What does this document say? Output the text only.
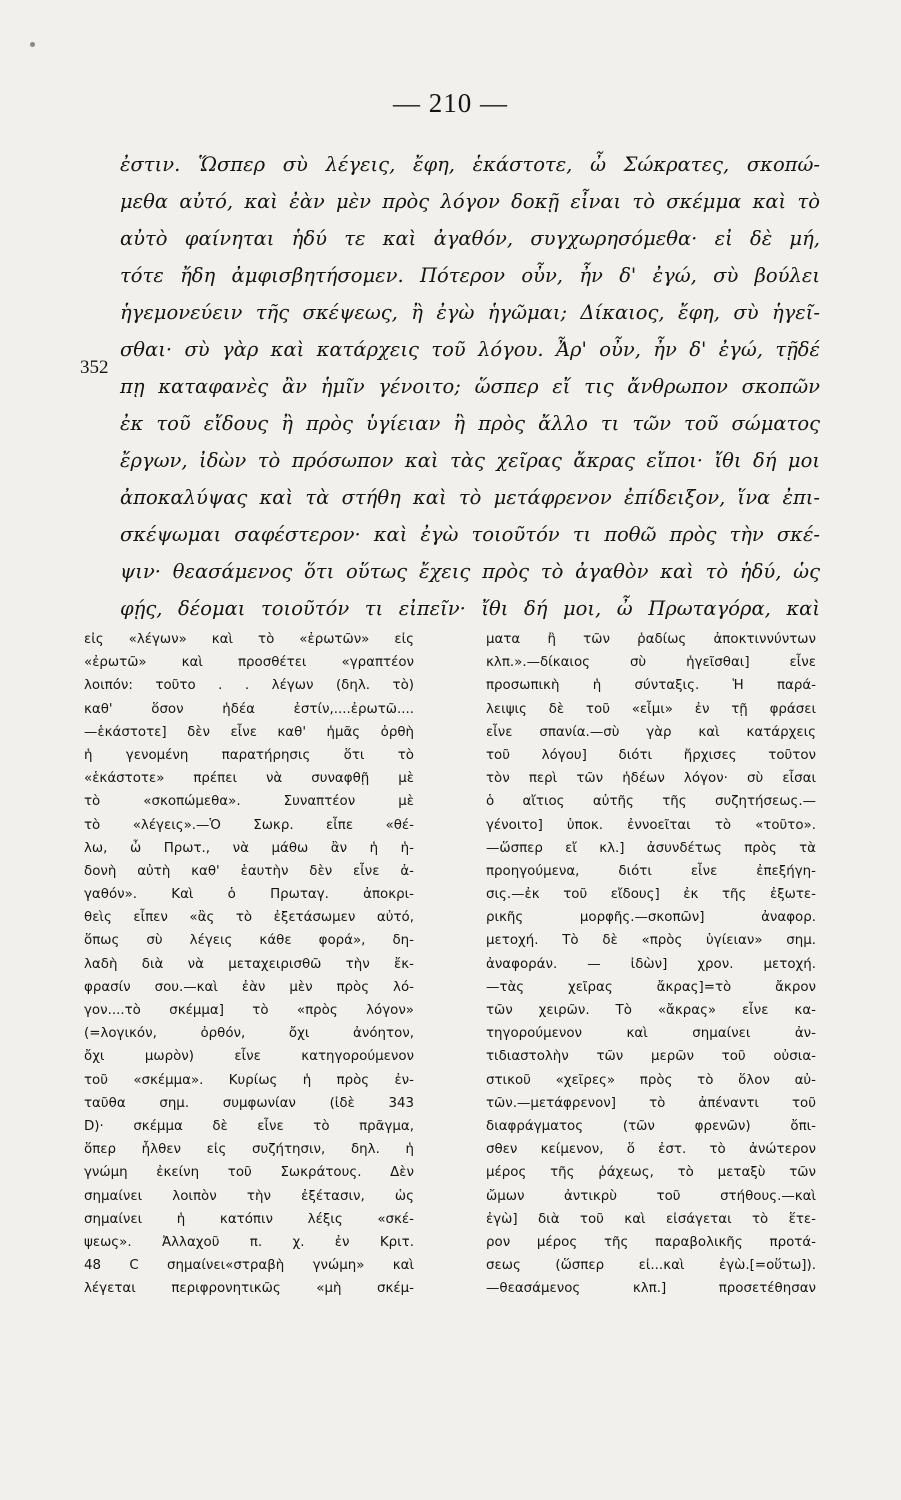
— 210 —
352
ἐστιν. Ὥσπερ σὺ λέγεις, ἔφη, ἑκάστοτε, ὦ Σώκρατες, σκοπώ-
μεθα αὐτό, καὶ ἐὰν μὲν πρὸς λόγον δοκῇ εἶναι τὸ σκέμμα καὶ τὸ
αὐτὸ φαίνηται ἡδύ τε καὶ ἀγαθόν, συγχωρησόμεθα· εἰ δὲ μή,
τότε ἤδη ἀμφισβητήσομεν. Πότερον οὖν, ἦν δ' ἐγώ, σὺ βούλει
ἡγεμονεύειν τῆς σκέψεως, ἢ ἐγὼ ἡγῶμαι; Δίκαιος, ἔφη, σὺ ἡγεῖ-
σθαι· σὺ γὰρ καὶ κατάρχεις τοῦ λόγου. Ἆρ' οὖν, ἦν δ' ἐγώ, τῇδέ
πῃ καταφανὲς ἂν ἡμῖν γένοιτο; ὥσπερ εἴ τις ἄνθρωπον σκοπῶν
ἐκ τοῦ εἴδους ἢ πρὸς ὑγίειαν ἢ πρὸς ἄλλο τι τῶν τοῦ σώματος
ἔργων, ἰδὼν τὸ πρόσωπον καὶ τὰς χεῖρας ἄκρας εἴποι· ἴθι δή μοι
ἀποκαλύψας καὶ τὰ στήθη καὶ τὸ μετάφρενον ἐπίδειξον, ἵνα ἐπι-
σκέψωμαι σαφέστερον· καὶ ἐγὼ τοιοῦτόν τι ποθῶ πρὸς τὴν σκέ-
ψιν· θεασάμενος ὅτι οὕτως ἔχεις πρὸς τὸ ἀγαθὸν καὶ τὸ ἡδύ, ὡς
φῄς, δέομαι τοιοῦτόν τι εἰπεῖν· ἴθι δή μοι, ὦ Πρωταγόρα, καὶ
εἰς «λέγων» καὶ τὸ «ἐρωτῶν» εἰς
«ἐρωτῶ» καὶ προσθέτει «γραπτέον
λοιπόν: τοῦτο . . λέγων (δηλ. τὸ)
καθ' ὅσον ἡδέα ἐστίν,....ἐρωτῶ....
—ἑκάστοτε] δὲν εἶνε καθ' ἡμᾶς ὀρθὴ
ἡ γενομένη παρατήρησις ὅτι τὸ
«ἑκάστοτε» πρέπει νὰ συναφθῇ μὲ
τὸ «σκοπώμεθα». Συναπτέον μὲ
τὸ «λέγεις».—Ὁ Σωκρ. εἶπε «θέ-
λω, ὦ Πρωτ., νὰ μάθω ἂν ἡ ἡ-
δονὴ αὐτὴ καθ' ἑαυτὴν δὲν εἶνε ἀ-
γαθόν». Καὶ ὁ Πρωταγ. ἀποκρι-
θεὶς εἶπεν «ἂς τὸ ἐξετάσωμεν αὐτό,
ὅπως σὺ λέγεις κάθε φορά», δη-
λαδὴ διὰ νὰ μεταχειρισθῶ τὴν ἔκ-
φρασίν σου.—καὶ ἐὰν μὲν πρὸς λό-
γον....τὸ σκέμμα] τὸ «πρὸς λόγον»
(=λογικόν, ὀρθόν, ὄχι ἀνόητον,
ὄχι μωρὸν) εἶνε κατηγορούμενον
τοῦ «σκέμμα». Κυρίως ἡ πρὸς ἐν-
ταῦθα σημ. συμφωνίαν (ἰδὲ 343
D)· σκέμμα δὲ εἶνε τὸ πρᾶγμα,
ὅπερ ἦλθεν εἰς συζήτησιν, δηλ. ἡ
γνώμη ἐκείνη τοῦ Σωκράτους. Δὲν
σημαίνει λοιπὸν τὴν ἐξέτασιν, ὡς
σημαίνει ἡ κατόπιν λέξις «σκέ-
ψεως». Ἀλλαχοῦ π. χ. ἐν Κριτ.
48 C σημαίνει«στραβὴ γνώμη» καὶ
λέγεται περιφρονητικῶς «μὴ σκέμ-
ματα ἢ τῶν ῥαδίως ἀποκτιννύντων
κλπ.».—δίκαιος σὺ ἡγεῖσθαι] εἶνε
προσωπικὴ ἡ σύνταξις. Ἡ παρά-
λειψις δὲ τοῦ «εἶμι» ἐν τῇ φράσει
εἶνε σπανία.—σὺ γὰρ καὶ κατάρχεις
τοῦ λόγου] διότι ἤρχισες τοῦτον
τὸν περὶ τῶν ἡδέων λόγον· σὺ εἶσαι
ὁ αἴτιος αὐτῆς τῆς συζητήσεως.—
γένοιτο] ὑποκ. ἐννοεῖται τὸ «τοῦτο».
—ὥσπερ εἴ κλ.] ἀσυνδέτως πρὸς τὰ
προηγούμενα, διότι εἶνε ἐπεξήγη-
σις.—ἐκ τοῦ εἴδους] ἐκ τῆς ἐξωτε-
ρικῆς μορφῆς.—σκοπῶν] ἀναφορ.
μετοχή. Τὸ δὲ «πρὸς ὑγίειαν» σημ.
ἀναφοράν. — ἰδὼν] χρον. μετοχή.
—τὰς χεῖρας ἄκρας]=τὸ ἄκρον
τῶν χειρῶν. Τὸ «ἄκρας» εἶνε κα-
τηγορούμενον καὶ σημαίνει ἀν-
τιδιαστολὴν τῶν μερῶν τοῦ οὐσια-
στικοῦ «χεῖρες» πρὸς τὸ ὅλον αὐ-
τῶν.—μετάφρενον] τὸ ἀπέναντι τοῦ
διαφράγματος (τῶν φρενῶν) ὄπι-
σθεν κείμενον, ὅ ἐστ. τὸ ἀνώτερον
μέρος τῆς ῥάχεως, τὸ μεταξὺ τῶν
ὤμων ἀντικρὺ τοῦ στήθους.—καὶ
ἐγὼ] διὰ τοῦ καὶ εἰσάγεται τὸ ἕτε-
ρον μέρος τῆς παραβολικῆς προτά-
σεως (ὥσπερ εἰ...καὶ ἐγὼ.[=οὕτω]).
—θεασάμενος κλπ.] προσετέθησαν
